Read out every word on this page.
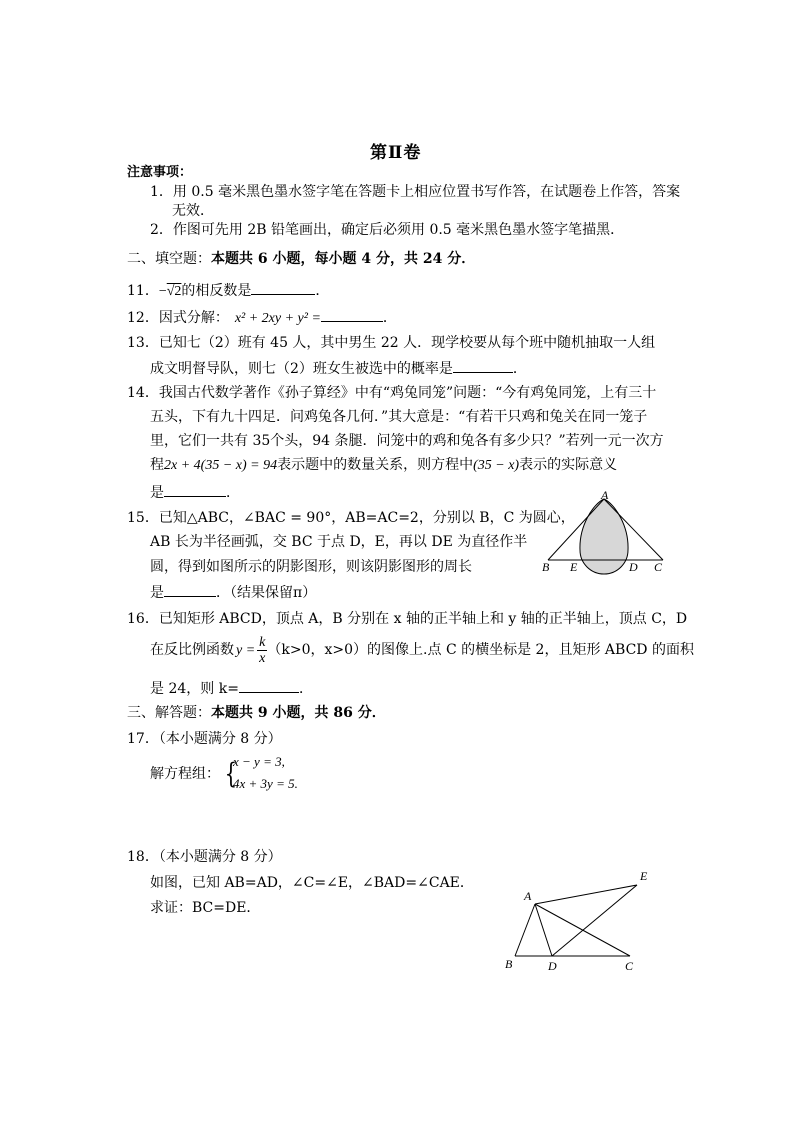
第Ⅱ卷
注意事项：
1．用 0.5 毫米黑色墨水签字笔在答题卡上相应位置书写作答，在试题卷上作答，答案
无效．
2．作图可先用 2B 铅笔画出，确定后必须用 0.5 毫米黑色墨水签字笔描黑．
二、填空题：本题共 6 小题，每小题 4 分，共 24 分．
11．−√2的相反数是	．
12．因式分解： x² + 2xy + y² =	．
13．已知七（2）班有 45 人，其中男生 22 人．现学校要从每个班中随机抽取一人组
成文明督导队，则七（2）班女生被选中的概率是	．
14．我国古代数学著作《孙子算经》中有“鸡兔同笼”问题：“今有鸡兔同笼，上有三十
五头，下有九十四足．问鸡兔各几何．”其大意是：“有若干只鸡和兔关在同一笼子
里，它们一共有 35个头，94 条腿．问笼中的鸡和兔各有多少只？”若列一元一次方
程2x + 4(35 − x) = 94表示题中的数量关系，则方程中(35 − x)表示的实际意义
是	．
15．已知△ABC，∠BAC = 90°，AB=AC=2，分别以 B，C 为圆心，
AB 长为半径画弧，交 BC 于点 D，E，再以 DE 为直径作半
圆，得到如图所示的阴影图形，则该阴影图形的周长
是	．（结果保留π）
A
B E	D C
16．已知矩形 ABCD，顶点 A，B 分别在 x 轴的正半轴上和 y 轴的正半轴上，顶点 C，D
在反比例函数 $y = \frac{k}{x} (k>0$，x>0）的图像上.点 C 的横坐标是 2，且矩形 ABCD 的面积
是 24，则 k=	．
三、解答题：本题共 9 小题，共 86 分．
17．（本小题满分 8 分）
解方程组： {
x − y = 3,
4x + 3y = 5.
18．（本小题满分 8 分）
如图，已知 AB=AD，∠C=∠E，∠BAD=∠CAE．
求证：BC=DE．
A
B	D	C
E
